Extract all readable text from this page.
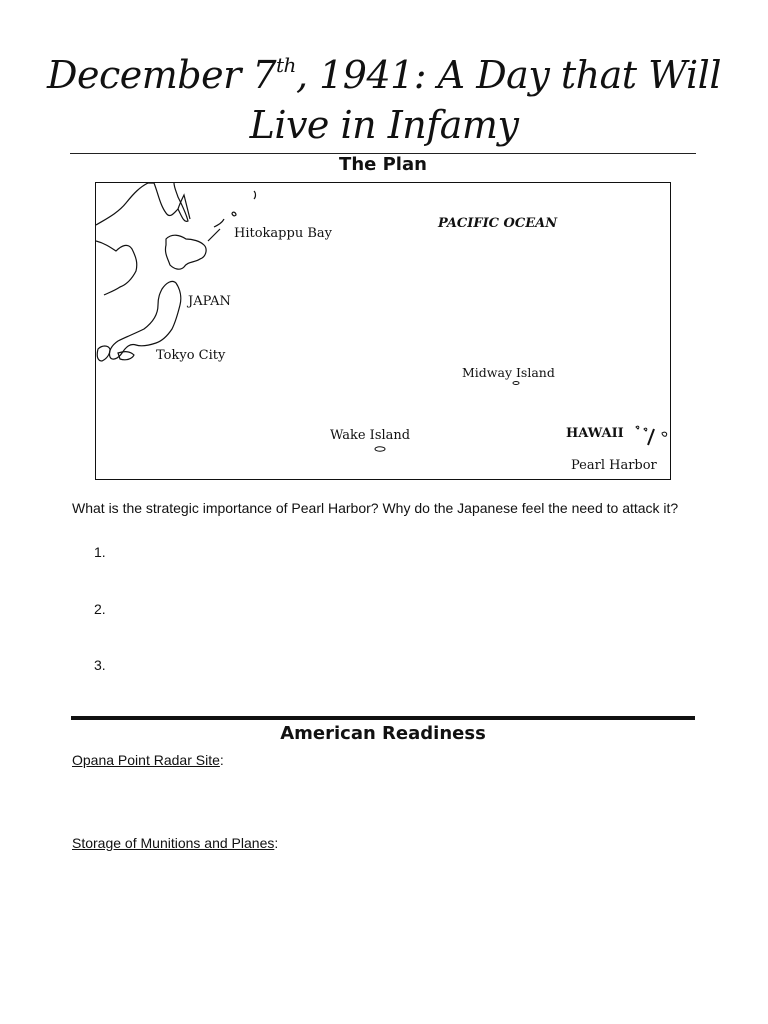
December 7th, 1941: A Day that Will
Live in Infamy
The Plan
Hitokappu Bay
PACIFIC OCEAN
JAPAN
Tokyo City
Midway Island
Wake Island	HAWAII
Pearl Harbor
What is the strategic importance of Pearl Harbor? Why do the Japanese feel the need to attack it?
1.
2.
3.
American Readiness
Opana Point Radar Site:
Storage of Munitions and Planes:
